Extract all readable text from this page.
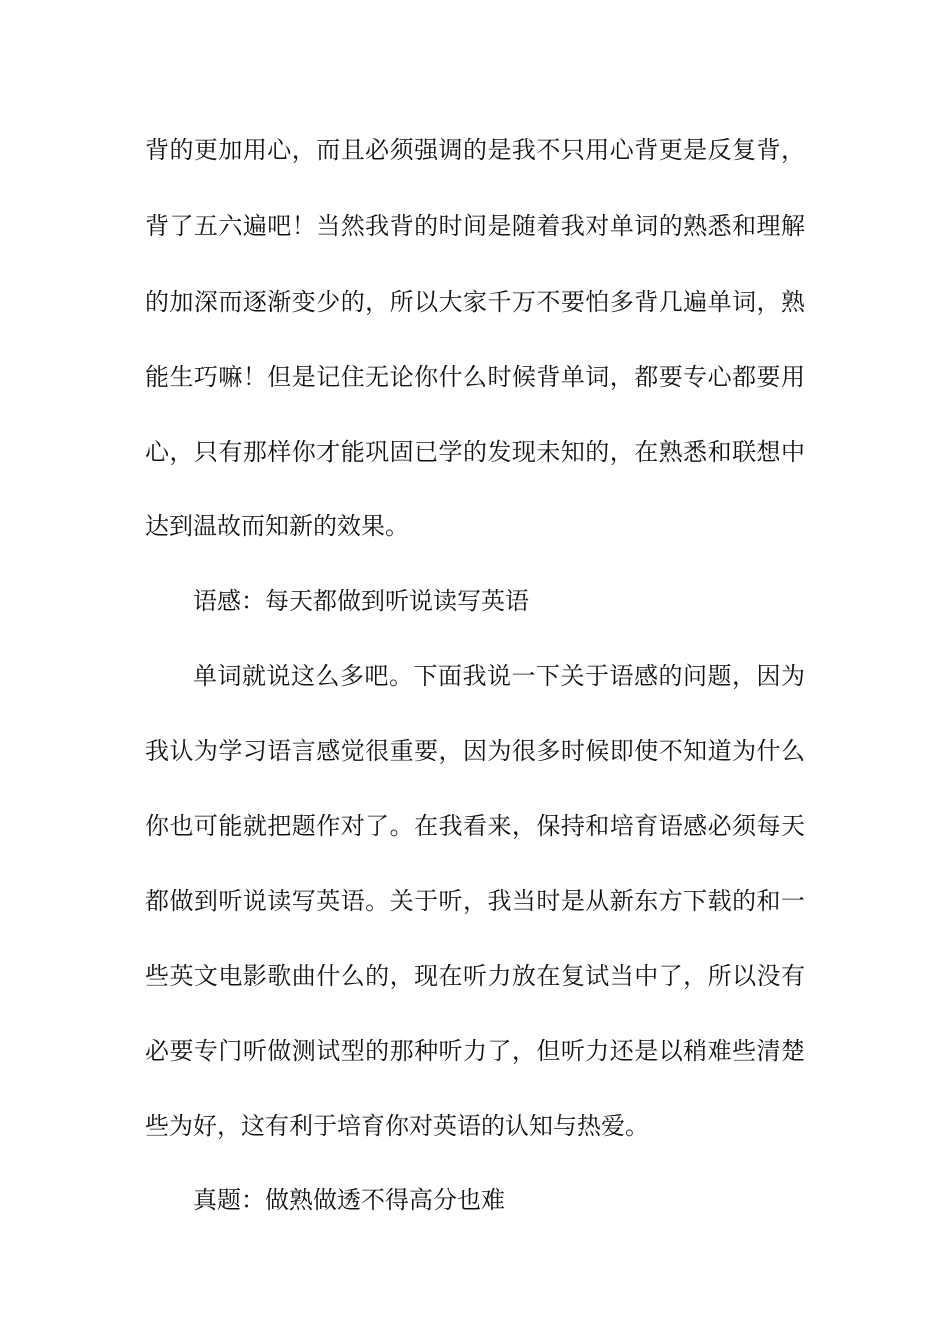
背的更加用心，而且必须强调的是我不只用心背更是反复背，
背了五六遍吧！当然我背的时间是随着我对单词的熟悉和理解
的加深而逐渐变少的，所以大家千万不要怕多背几遍单词，熟
能生巧嘛！但是记住无论你什么时候背单词，都要专心都要用
心，只有那样你才能巩固已学的发现未知的，在熟悉和联想中
达到温故而知新的效果。
语感：每天都做到听说读写英语
单词就说这么多吧。下面我说一下关于语感的问题，因为
我认为学习语言感觉很重要，因为很多时候即使不知道为什么
你也可能就把题作对了。在我看来，保持和培育语感必须每天
都做到听说读写英语。关于听，我当时是从新东方下载的和一
些英文电影歌曲什么的，现在听力放在复试当中了，所以没有
必要专门听做测试型的那种听力了，但听力还是以稍难些清楚
些为好，这有利于培育你对英语的认知与热爱。
真题：做熟做透不得高分也难
